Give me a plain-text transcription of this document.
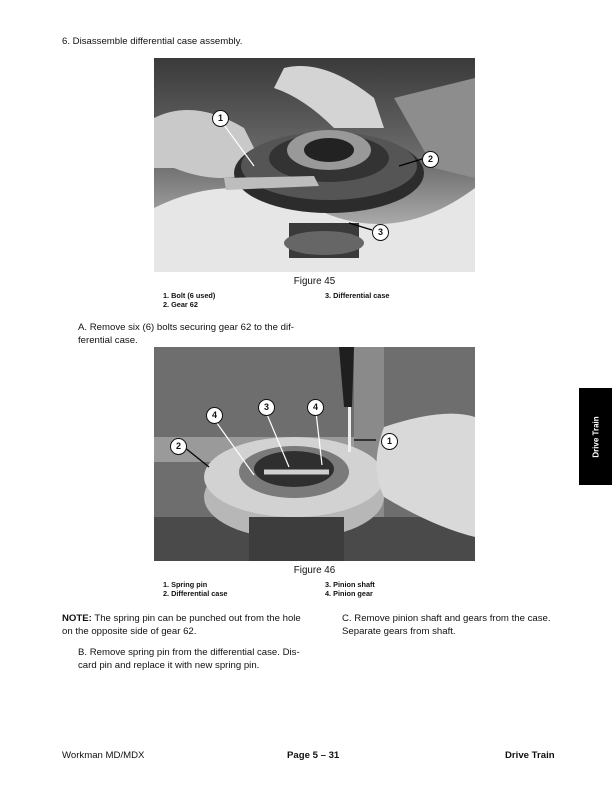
6. Disassemble differential case assembly.
1
2
3
Figure 45
1. Bolt (6 used)
2. Gear 62
3. Differential case
A. Remove six (6) bolts securing gear 62 to the dif-
ferential case.
1
2
3
4
4
Figure 46
1. Spring pin
2. Differential case
3. Pinion shaft
4. Pinion gear
NOTE: The spring pin can be punched out from the hole
on the opposite side of gear 62.
B. Remove spring pin from the differential case. Dis-
card pin and replace it with new spring pin.
C. Remove pinion shaft and gears from the case.
Separate gears from shaft.
Drive Train
Workman MD/MDX	Page 5 – 31	Drive Train
